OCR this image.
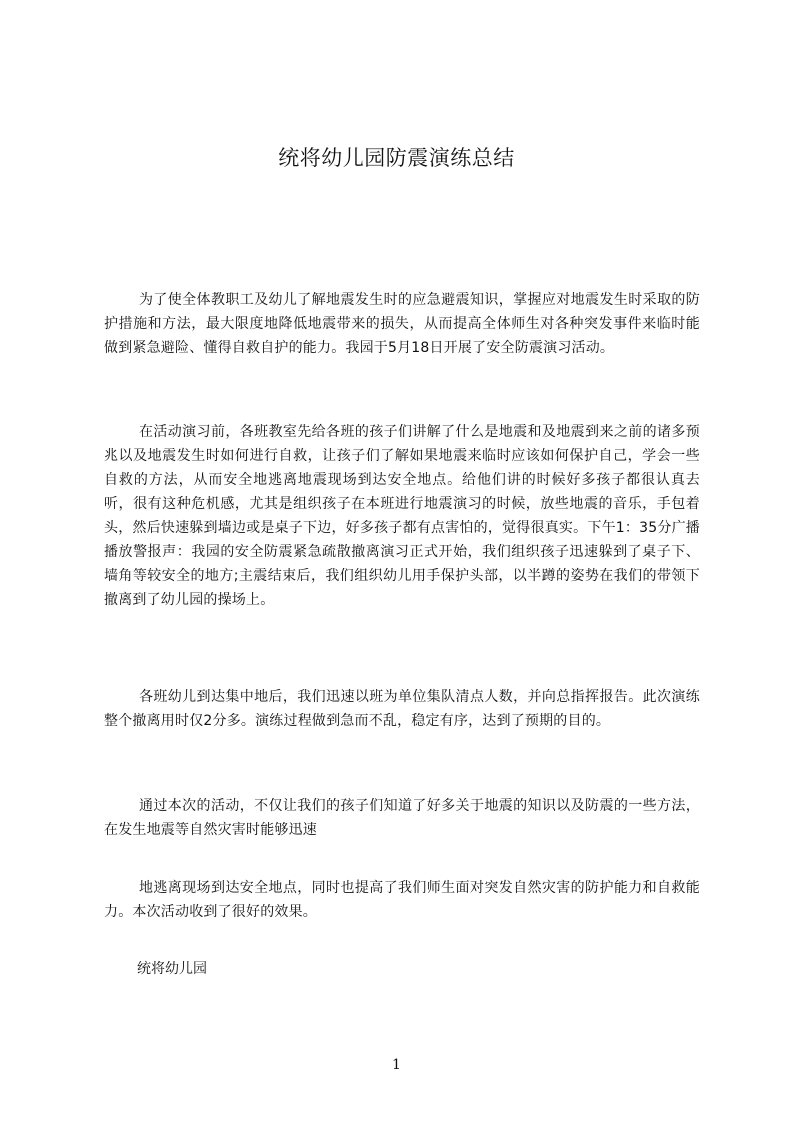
统将幼儿园防震演练总结

为了使全体教职工及幼儿了解地震发生时的应急避震知识，掌握应对地震发生时采取的防护措施和方法，最大限度地降低地震带来的损失，从而提高全体师生对各种突发事件来临时能做到紧急避险、懂得自救自护的能力。我园于5月18日开展了安全防震演习活动。

在活动演习前，各班教室先给各班的孩子们讲解了什么是地震和及地震到来之前的诸多预兆以及地震发生时如何进行自救，让孩子们了解如果地震来临时应该如何保护自己，学会一些自救的方法，从而安全地逃离地震现场到达安全地点。给他们讲的时候好多孩子都很认真去听，很有这种危机感，尤其是组织孩子在本班进行地震演习的时候，放些地震的音乐，手包着头，然后快速躲到墙边或是桌子下边，好多孩子都有点害怕的，觉得很真实。下午1：35分广播播放警报声：我园的安全防震紧急疏散撤离演习正式开始，我们组织孩子迅速躲到了桌子下、墙角等较安全的地方;主震结束后，我们组织幼儿用手保护头部，以半蹲的姿势在我们的带领下撤离到了幼儿园的操场上。

各班幼儿到达集中地后，我们迅速以班为单位集队清点人数，并向总指挥报告。此次演练整个撤离用时仅2分多。演练过程做到急而不乱，稳定有序，达到了预期的目的。

通过本次的活动，不仅让我们的孩子们知道了好多关于地震的知识以及防震的一些方法，在发生地震等自然灾害时能够迅速

地逃离现场到达安全地点，同时也提高了我们师生面对突发自然灾害的防护能力和自救能力。本次活动收到了很好的效果。

统将幼儿园
1
